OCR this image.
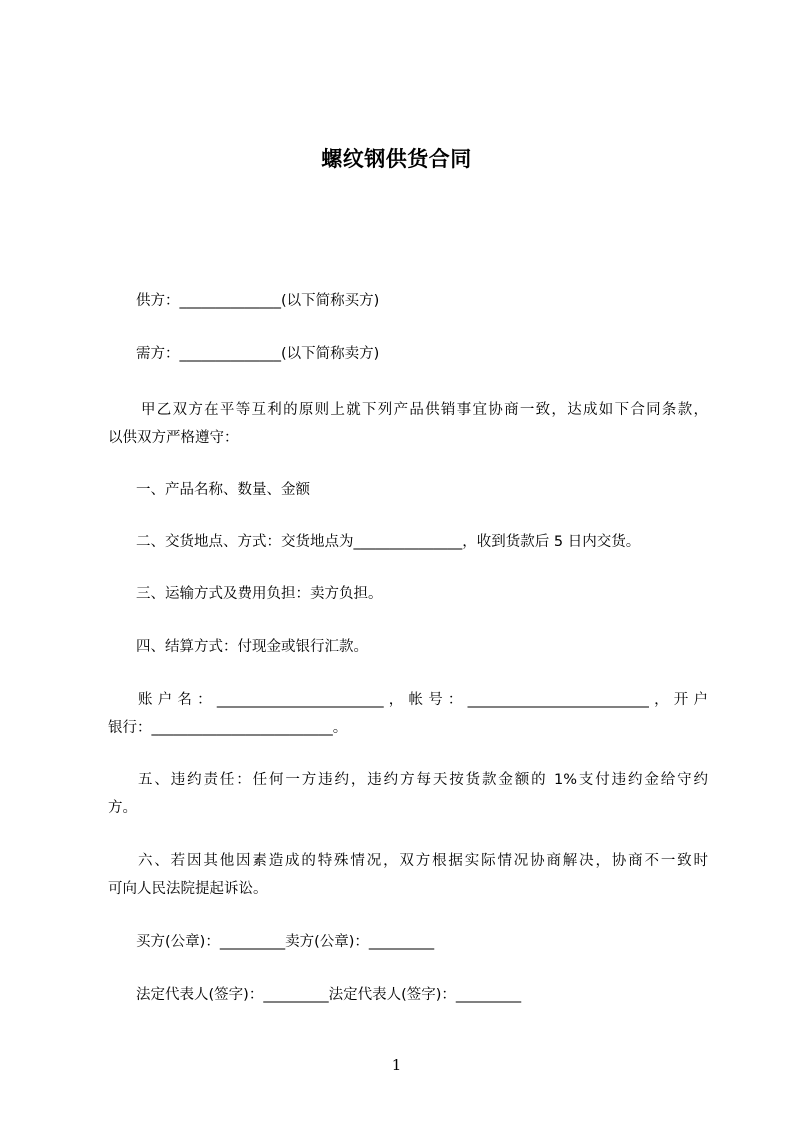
螺纹钢供货合同
供方：______________(以下简称买方)
需方：______________(以下简称卖方)
甲乙双方在平等互利的原则上就下列产品供销事宜协商一致，达成如下合同条款，
以供双方严格遵守：
一、产品名称、数量、金额
二、交货地点、方式：交货地点为_______________，收到货款后 5 日内交货。
三、运输方式及费用负担：卖方负担。
四、结算方式：付现金或银行汇款。
账户名：_______________________，帐号：_________________________，开户
银行：_________________________。
五、违约责任：任何一方违约，违约方每天按货款金额的 1%支付违约金给守约
方。
六、若因其他因素造成的特殊情况，双方根据实际情况协商解决，协商不一致时
可向人民法院提起诉讼。
买方(公章)：_________卖方(公章)：_________
法定代表人(签字)：_________法定代表人(签字)：_________
1
